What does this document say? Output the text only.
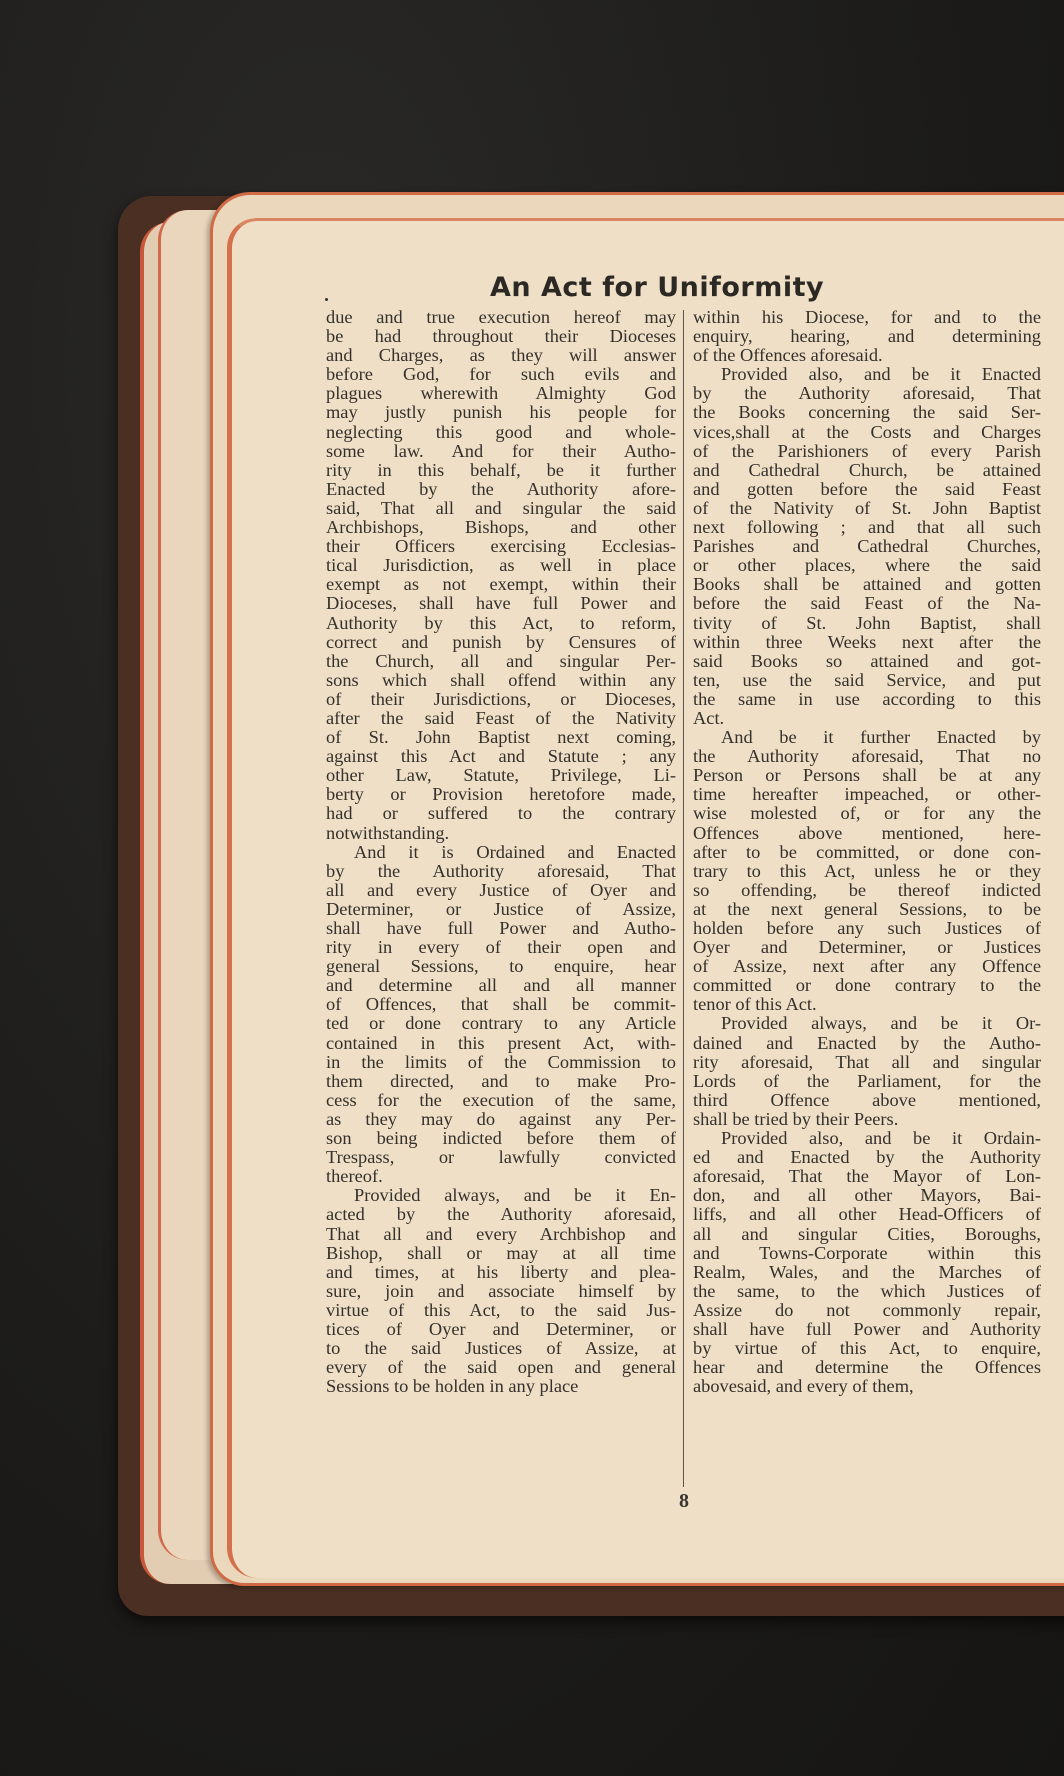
An Act for Uniformity
due and true execution hereof may
be had throughout their Dioceses
and Charges, as they will answer
before God, for such evils and
plagues wherewith Almighty God
may justly punish his people for
neglecting this good and whole-
some law. And for their Autho-
rity in this behalf, be it further
Enacted by the Authority afore-
said, That all and singular the said
Archbishops, Bishops, and other
their Officers exercising Ecclesias-
tical Jurisdiction, as well in place
exempt as not exempt, within their
Dioceses, shall have full Power and
Authority by this Act, to reform,
correct and punish by Censures of
the Church, all and singular Per-
sons which shall offend within any
of their Jurisdictions, or Dioceses,
after the said Feast of the Nativity
of St. John Baptist next coming,
against this Act and Statute ; any
other Law, Statute, Privilege, Li-
berty or Provision heretofore made,
had or suffered to the contrary
notwithstanding.
And it is Ordained and Enacted
by the Authority aforesaid, That
all and every Justice of Oyer and
Determiner, or Justice of Assize,
shall have full Power and Autho-
rity in every of their open and
general Sessions, to enquire, hear
and determine all and all manner
of Offences, that shall be commit-
ted or done contrary to any Article
contained in this present Act, with-
in the limits of the Commission to
them directed, and to make Pro-
cess for the execution of the same,
as they may do against any Per-
son being indicted before them of
Trespass, or lawfully convicted
thereof.
Provided always, and be it En-
acted by the Authority aforesaid,
That all and every Archbishop and
Bishop, shall or may at all time
and times, at his liberty and plea-
sure, join and associate himself by
virtue of this Act, to the said Jus-
tices of Oyer and Determiner, or
to the said Justices of Assize, at
every of the said open and general
Sessions to be holden in any place
within his Diocese, for and to the
enquiry, hearing, and determining
of the Offences aforesaid.
Provided also, and be it Enacted
by the Authority aforesaid, That
the Books concerning the said Ser-
vices,shall at the Costs and Charges
of the Parishioners of every Parish
and Cathedral Church, be attained
and gotten before the said Feast
of the Nativity of St. John Baptist
next following ; and that all such
Parishes and Cathedral Churches,
or other places, where the said
Books shall be attained and gotten
before the said Feast of the Na-
tivity of St. John Baptist, shall
within three Weeks next after the
said Books so attained and got-
ten, use the said Service, and put
the same in use according to this
Act.
And be it further Enacted by
the Authority aforesaid, That no
Person or Persons shall be at any
time hereafter impeached, or other-
wise molested of, or for any the
Offences above mentioned, here-
after to be committed, or done con-
trary to this Act, unless he or they
so offending, be thereof indicted
at the next general Sessions, to be
holden before any such Justices of
Oyer and Determiner, or Justices
of Assize, next after any Offence
committed or done contrary to the
tenor of this Act.
Provided always, and be it Or-
dained and Enacted by the Autho-
rity aforesaid, That all and singular
Lords of the Parliament, for the
third Offence above mentioned,
shall be tried by their Peers.
Provided also, and be it Ordain-
ed and Enacted by the Authority
aforesaid, That the Mayor of Lon-
don, and all other Mayors, Bai-
liffs, and all other Head-Officers of
all and singular Cities, Boroughs,
and Towns-Corporate within this
Realm, Wales, and the Marches of
the same, to the which Justices of
Assize do not commonly repair,
shall have full Power and Authority
by virtue of this Act, to enquire,
hear and determine the Offences
abovesaid, and every of them,
8
